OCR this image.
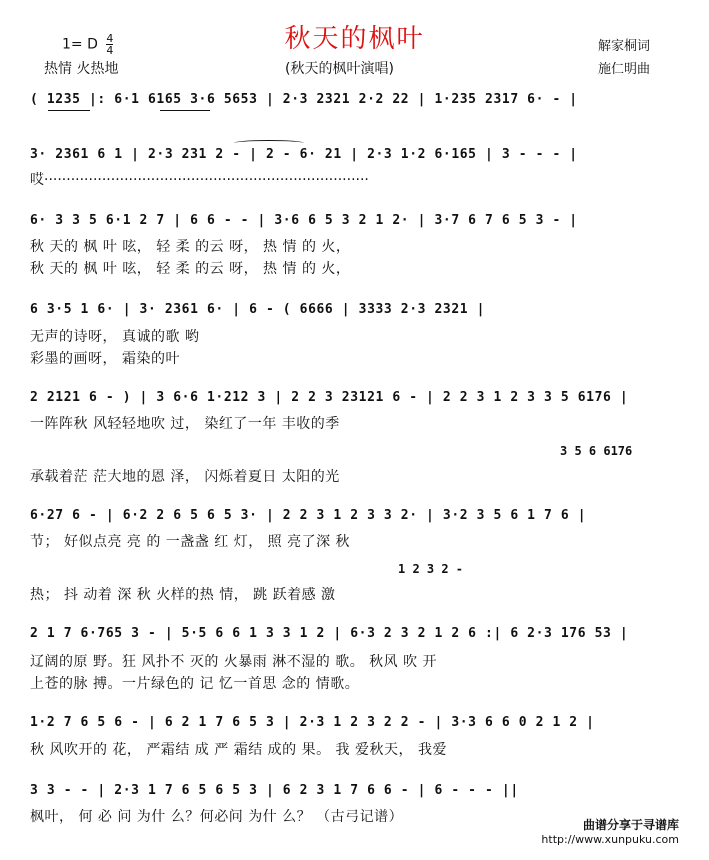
秋天的枫叶
1= D $\frac{4}{4}$
热情 火热地	(秋天的枫叶演唱)
解家桐词
施仁明曲
( 1235 |: 6·1 6165 3·6 5653 | 2·3 2321 2·2 22 | 1·235 2317 6· - |
3· 2361 6 1 | 2·3 231 2 - | 2 - 6· 21 | 2·3 1·2 6·165 | 3 - - - |
哎·········································································
6· 3 3 5 6·1 2 7 | 6 6 - - | 3·6 6 5 3 2 1 2· | 3·7 6 7 6 5 3 - |
秋 天的 枫 叶 呟， 轻 柔 的云 呀， 热 情 的 火，
秋 天的 枫 叶 呟， 轻 柔 的云 呀， 热 情 的 火，
6 3·5 1 6· | 3· 2361 6· | 6 - ( 6666 | 3333 2·3 2321 |
无声的诗呀， 真诚的歌 哟
彩墨的画呀， 霜染的叶
2 2121 6 - ) | 3 6·6 1·212 3 | 2 2 3 23121 6 - | 2 2 3 1 2 3 3 5 6176 |
一阵阵秋 风轻轻地吹 过， 染红了一年 丰收的季
3 5 6 6176
承载着茫 茫大地的恩 泽， 闪烁着夏日 太阳的光
6·27 6 - | 6·2 2 6 5 6 5 3· | 2 2 3 1 2 3 3 2· | 3·2 3 5 6 1 7 6 |
节； 好似点亮 亮 的 一盏盏 红 灯， 照 亮了深 秋
1 2 3 2 -
热； 抖 动着 深 秋 火样的热 情， 跳 跃着感 激
2 1 7 6·765 3 - | 5·5 6 6 1 3 3 1 2 | 6·3 2 3 2 1 2 6 :| 6 2·3 176 53 |
辽阔的原 野。狂 风扑不 灭的 火暴雨 淋不湿的 歌。 秋风 吹 开
上苍的脉 搏。一片绿色的 记 忆一首思 念的 情歌。
1·2 7 6 5 6 - | 6 2 1 7 6 5 3 | 2·3 1 2 3 2 2 - | 3·3 6 6 0 2 1 2 |
秋 风吹开的 花， 严霜结 成 严 霜结 成的 果。 我 爱秋天， 我爱
3 3 - - | 2·3 1 7 6 5 6 5 3 | 6 2 3 1 7 6 6 - | 6 - - - ||
枫叶， 何 必 问 为什 么？何必问 为什 么？ （古弓记谱）	曲谱分享于寻谱库
http://www.xunpuku.com
